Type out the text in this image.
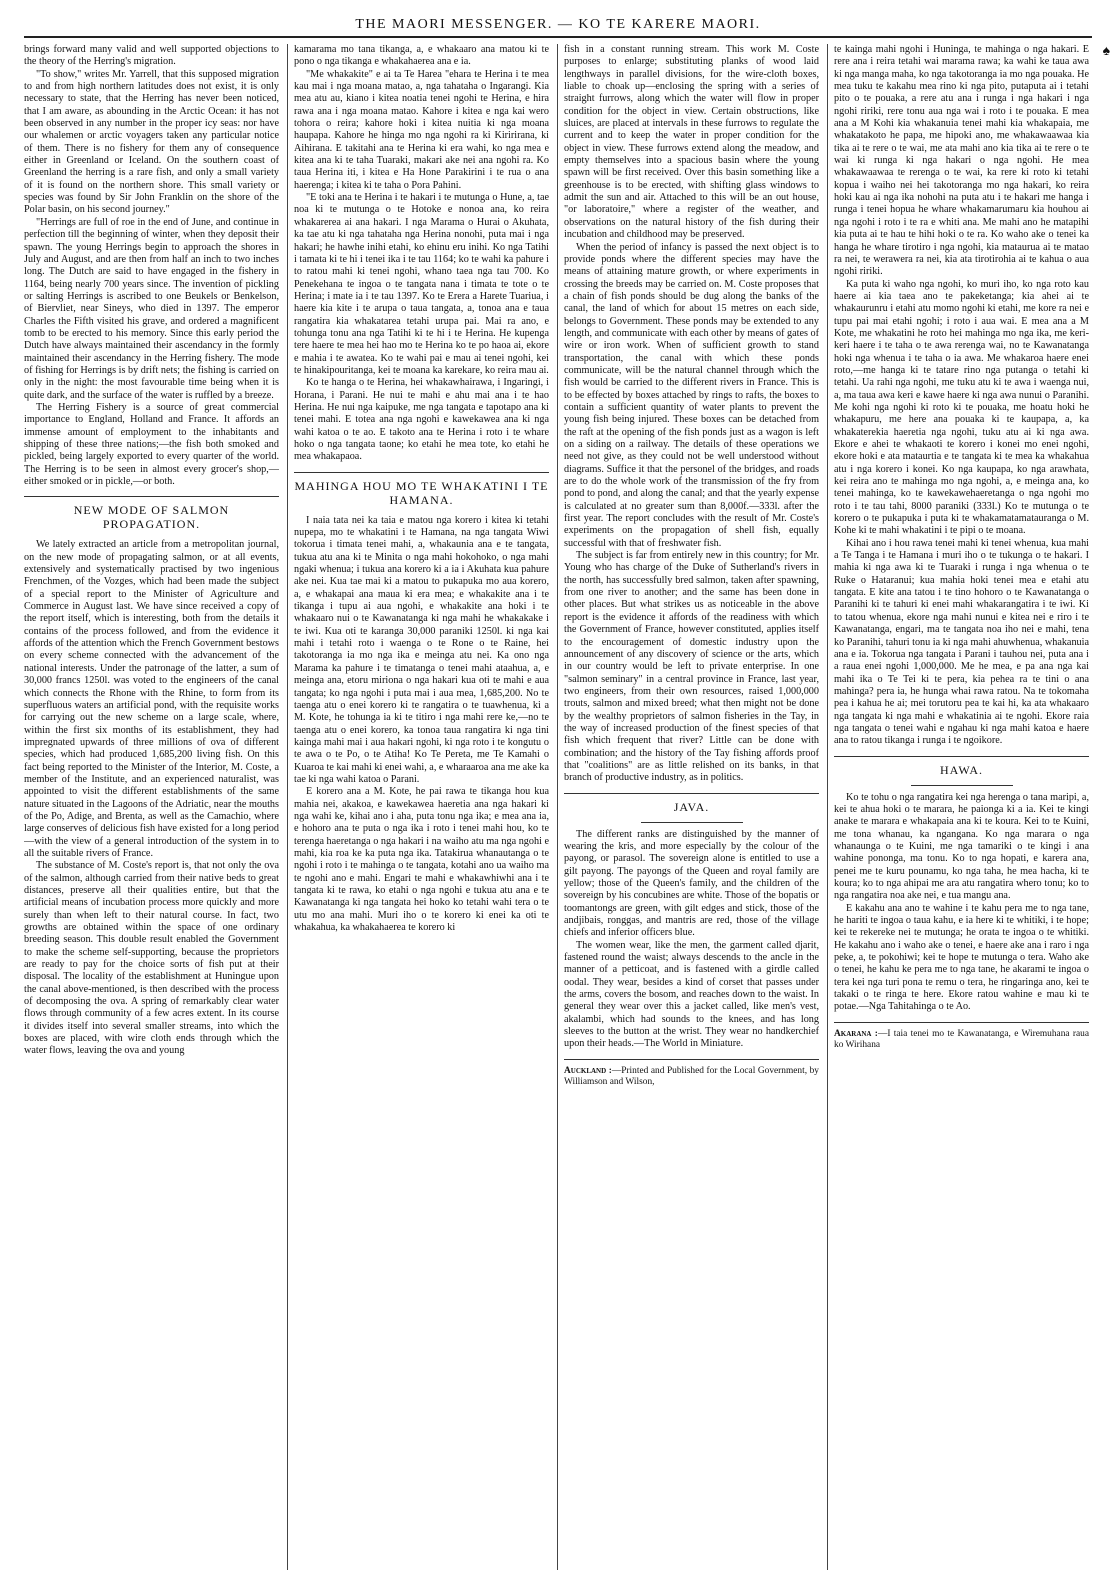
THE MAORI MESSENGER. — KO TE KARERE MAORI.
♠

brings forward many valid and well supported objections to the theory of the Herring's migration.

"To show," writes Mr. Yarrell, that this supposed migration to and from high northern latitudes does not exist, it is only necessary to state, that the Herring has never been noticed, that I am aware, as abounding in the Arctic Ocean: it has not been observed in any number in the proper icy seas: nor have our whalemen or arctic voyagers taken any particular notice of them. There is no fishery for them any of consequence either in Greenland or Iceland. On the southern coast of Greenland the herring is a rare fish, and only a small variety of it is found on the northern shore. This small variety or species was found by Sir John Franklin on the shore of the Polar basin, on his second journey."

"Herrings are full of roe in the end of June, and continue in perfection till the beginning of winter, when they deposit their spawn. The young Herrings begin to approach the shores in July and August, and are then from half an inch to two inches long. The Dutch are said to have engaged in the fishery in 1164, being nearly 700 years since. The invention of pickling or salting Herrings is ascribed to one Beukels or Benkelson, of Biervliet, near Sineys, who died in 1397. The emperor Charles the Fifth visited his grave, and ordered a magnificent tomb to be erected to his memory. Since this early period the Dutch have always maintained their ascendancy in the formly maintained their ascendancy in the Herring fishery. The mode of fishing for Herrings is by drift nets; the fishing is carried on only in the night: the most favourable time being when it is quite dark, and the surface of the water is ruffled by a breeze.

The Herring Fishery is a source of great commercial importance to England, Holland and France. It affords an immense amount of employment to the inhabitants and shipping of these three nations;—the fish both smoked and pickled, being largely exported to every quarter of the world. The Herring is to be seen in almost every grocer's shop,—either smoked or in pickle,—or both.

NEW MODE OF SALMON PROPAGATION.

We lately extracted an article from a metropolitan journal, on the new mode of propagating salmon, or at all events, extensively and systematically practised by two ingenious Frenchmen, of the Vozges, which had been made the subject of a special report to the Minister of Agriculture and Commerce in August last. We have since received a copy of the report itself, which is interesting, both from the details it contains of the process followed, and from the evidence it affords of the attention which the French Government bestows on every scheme connected with the advancement of the national interests. Under the patronage of the latter, a sum of 30,000 francs 1250l. was voted to the engineers of the canal which connects the Rhone with the Rhine, to form from its superfluous waters an artificial pond, with the requisite works for carrying out the new scheme on a large scale, where, within the first six months of its establishment, they had impregnated upwards of three millions of ova of different species, which had produced 1,685,200 living fish. On this fact being reported to the Minister of the Interior, M. Coste, a member of the Institute, and an experienced naturalist, was appointed to visit the different establishments of the same nature situated in the Lagoons of the Adriatic, near the mouths of the Po, Adige, and Brenta, as well as the Camachio, where large conserves of delicious fish have existed for a long period—with the view of a general introduction of the system in to all the suitable rivers of France.

The substance of M. Coste's report is, that not only the ova of the salmon, although carried from their native beds to great distances, preserve all their qualities entire, but that the artificial means of incubation process more quickly and more surely than when left to their natural course. In fact, two growths are obtained within the space of one ordinary breeding season. This double result enabled the Government to make the scheme self-supporting, because the proprietors are ready to pay for the choice sorts of fish put at their disposal. The locality of the establishment at Huningue upon the canal above-mentioned, is then described with the process of decomposing the ova. A spring of remarkably clear water flows through community of a few acres extent. In its course it divides itself into several smaller streams, into which the boxes are placed, with wire cloth ends through which the water flows, leaving the ova and young

kamarama mo tana tikanga, a, e whakaaro ana matou ki te pono o nga tikanga e whakahaerea ana e ia.

"Me whakakite" e ai ta Te Harea "ehara te Herina i te mea kau mai i nga moana matao, a, nga tahataha o Ingarangi. Kia mea atu au, kiano i kitea noatia tenei ngohi te Herina, e hira rawa ana i nga moana matao. Kahore i kitea e nga kai wero tohora o reira; kahore hoki i kitea nuitia ki nga moana haupapa. Kahore he hinga mo nga ngohi ra ki Kiririrana, ki Aihirana. E takitahi ana te Herina ki era wahi, ko nga mea e kitea ana ki te taha Tuaraki, makari ake nei ana ngohi ra. Ko taua Herina iti, i kitea e Ha Hone Parakirini i te rua o ana haerenga; i kitea ki te taha o Pora Pahini.

"E toki ana te Herina i te hakari i te mutunga o Hune, a, tae noa ki te mutunga o te Hotoke e nonoa ana, ko reira whakarerea ai ana hakari. I nga Marama o Hurai o Akuhata, ka tae atu ki nga tahataha nga Herina nonohi, puta mai i nga hakari; he hawhe inihi etahi, ko ehinu eru inihi. Ko nga Tatihi i tamata ki te hi i tenei ika i te tau 1164; ko te wahi ka pahure i to ratou mahi ki tenei ngohi, whano taea nga tau 700. Ko Penekehana te ingoa o te tangata nana i timata te tote o te Herina; i mate ia i te tau 1397. Ko te Erera a Harete Tuariua, i haere kia kite i te arupa o taua tangata, a, tonoa ana e taua rangatira kia whakatarea tetahi urupa pai. Mai ra ano, e tohunga tonu ana nga Tatihi ki te hi i te Herina. He kupenga tere haere te mea hei hao mo te Herina ko te po haoa ai, ekore e mahia i te awatea. Ko te wahi pai e mau ai tenei ngohi, kei te hinakipouritanga, kei te moana ka karekare, ko reira mau ai.

Ko te hanga o te Herina, hei whakawhairawa, i Ingaringi, i Horana, i Parani. He nui te mahi e ahu mai ana i te hao Herina. He nui nga kaipuke, me nga tangata e tapotapo ana ki tenei mahi. E totea ana nga ngohi e kawekawea ana ki nga wahi katoa o te ao. E takoto ana te Herina i roto i te whare hoko o nga tangata taone; ko etahi he mea tote, ko etahi he mea whakapaoa.

MAHINGA HOU MO TE WHAKATINI I TE HAMANA.

I naia tata nei ka taia e matou nga korero i kitea ki tetahi nupepa, mo te whakatini i te Hamana, na nga tangata Wiwi tokorua i timata tenei mahi, a, whakaunia ana e te tangata, tukua atu ana ki te Minita o nga mahi hokohoko, o nga mahi ngaki whenua; i tukua ana korero ki a ia i Akuhata kua pahure ake nei. Kua tae mai ki a matou to pukapuka mo aua korero, a, e whakapai ana maua ki era mea; e whakakite ana i te tikanga i tupu ai aua ngohi, e whakakite ana hoki i te whakaaro nui o te Kawanatanga ki nga mahi he whakakake i te iwi. Kua oti te karanga 30,000 paraniki 1250l. ki nga kai mahi i tetahi roto i waenga o te Rone o te Raine, hei takotoranga ia mo nga ika e meinga atu nei. Ka ono nga Marama ka pahure i te timatanga o tenei mahi ataahua, a, e meinga ana, etoru miriona o nga hakari kua oti te mahi e aua tangata; ko nga ngohi i puta mai i aua mea, 1,685,200. No te taenga atu o enei korero ki te rangatira o te tuawhenua, ki a M. Kote, he tohunga ia ki te titiro i nga mahi rere ke,—no te taenga atu o enei korero, ka tonoa taua rangatira ki nga tini kainga mahi mai i aua hakari ngohi, ki nga roto i te kongutu o te awa o te Po, o te Atiha! Ko Te Pereta, me Te Kamahi o Kuaroa te kai mahi ki enei wahi, a, e wharaaroa ana me ake ka tae ki nga wahi katoa o Parani.

E korero ana a M. Kote, he pai rawa te tikanga hou kua mahia nei, akakoa, e kawekawea haeretia ana nga hakari ki nga wahi ke, kihai ano i aha, puta tonu nga ika; e mea ana ia, e hohoro ana te puta o nga ika i roto i tenei mahi hou, ko te terenga haeretanga o nga hakari i na waiho atu ma nga ngohi e mahi, kia roa ke ka puta nga ika. Tatakirua whanautanga o te ngohi i roto i te mahinga o te tangata, kotahi ano ua waiho ma te ngohi ano e mahi. Engari te mahi e whakawhiwhi ana i te tangata ki te rawa, ko etahi o nga ngohi e tukua atu ana e te Kawanatanga ki nga tangata hei hoko ko tetahi wahi tera o te utu mo ana mahi. Muri iho o te korero ki enei ka oti te whakahua, ka whakahaerea te korero ki

fish in a constant running stream. This work M. Coste purposes to enlarge; substituting planks of wood laid lengthways in parallel divisions, for the wire-cloth boxes, liable to choak up—enclosing the spring with a series of straight furrows, along which the water will flow in proper condition for the object in view. Certain obstructions, like sluices, are placed at intervals in these furrows to regulate the current and to keep the water in proper condition for the object in view. These furrows extend along the meadow, and empty themselves into a spacious basin where the young spawn will be first received. Over this basin something like a greenhouse is to be erected, with shifting glass windows to admit the sun and air. Attached to this will be an out house, "or laboratoire," where a register of the weather, and observations on the natural history of the fish during their incubation and childhood may be preserved.

When the period of infancy is passed the next object is to provide ponds where the different species may have the means of attaining mature growth, or where experiments in crossing the breeds may be carried on. M. Coste proposes that a chain of fish ponds should be dug along the banks of the canal, the land of which for about 15 metres on each side, belongs to Government. These ponds may be extended to any length, and communicate with each other by means of gates of wire or iron work. When of sufficient growth to stand transportation, the canal with which these ponds communicate, will be the natural channel through which the fish would be carried to the different rivers in France. This is to be effected by boxes attached by rings to rafts, the boxes to contain a sufficient quantity of water plants to prevent the young fish being injured. These boxes can be detached from the raft at the opening of the fish ponds just as a wagon is left on a siding on a railway. The details of these operations we need not give, as they could not be well understood without diagrams. Suffice it that the personel of the bridges, and roads are to do the whole work of the transmission of the fry from pond to pond, and along the canal; and that the yearly expense is calculated at no greater sum than 8,000f.—333l. after the first year. The report concludes with the result of Mr. Coste's experiments on the propagation of shell fish, equally successful with that of freshwater fish.

The subject is far from entirely new in this country; for Mr. Young who has charge of the Duke of Sutherland's rivers in the north, has successfully bred salmon, taken after spawning, from one river to another; and the same has been done in other places. But what strikes us as noticeable in the above report is the evidence it affords of the readiness with which the Government of France, however constituted, applies itself to the encouragement of domestic industry upon the announcement of any discovery of science or the arts, which in our country would be left to private enterprise. In one "salmon seminary" in a central province in France, last year, two engineers, from their own resources, raised 1,000,000 trouts, salmon and mixed breed; what then might not be done by the wealthy proprietors of salmon fisheries in the Tay, in the way of increased production of the finest species of that fish which frequent that river? Little can be done with combination; and the history of the Tay fishing affords proof that "coalitions" are as little relished on its banks, in that branch of productive industry, as in politics.

JAVA.

The different ranks are distinguished by the manner of wearing the kris, and more especially by the colour of the payong, or parasol. The sovereign alone is entitled to use a gilt payong. The payongs of the Queen and royal family are yellow; those of the Queen's family, and the children of the sovereign by his concubines are white. Those of the bopatis or toomantongs are green, with gilt edges and stick, those of the andjibais, ronggas, and mantris are red, those of the village chiefs and inferior officers blue.

The women wear, like the men, the garment called djarit, fastened round the waist; always descends to the ancle in the manner of a petticoat, and is fastened with a girdle called oodal. They wear, besides a kind of corset that passes under the arms, covers the bosom, and reaches down to the waist. In general they wear over this a jacket called, like men's vest, akalambi, which had sounds to the knees, and has long sleeves to the button at the wrist. They wear no handkerchief upon their heads.—The World in Miniature.

Auckland :—Printed and Published for the Local Government, by Williamson and Wilson,

te kainga mahi ngohi i Huninga, te mahinga o nga hakari. E rere ana i reira tetahi wai marama rawa; ka wahi ke taua awa ki nga manga maha, ko nga takotoranga ia mo nga pouaka. He mea tuku te kakahu mea rino ki nga pito, putaputa ai i tetahi pito o te pouaka, a rere atu ana i runga i nga hakari i nga ngohi ririki, rere tonu aua nga wai i roto i te pouaka. E mea ana a M Kohi kia whakanuia tenei mahi kia whakapaia, me whakatakoto he papa, me hipoki ano, me whakawaawaa kia tika ai te rere o te wai, me ata mahi ano kia tika ai te rere o te wai ki runga ki nga hakari o nga ngohi. He mea whakawaawaa te rerenga o te wai, ka rere ki roto ki tetahi kopua i waiho nei hei takotoranga mo nga hakari, ko reira hoki kau ai nga ika nohohi na puta atu i te hakari me hanga i runga i tenei hopua he whare whakamarumaru kia houhou ai nga ngohi i roto i te ra e whiti ana. Me mahi ano he matapihi kia puta ai te hau te hihi hoki o te ra. Ko waho ake o tenei ka hanga he whare tirotiro i nga ngohi, kia mataurua ai te matao ra nei, te werawera ra nei, kia ata tirotirohia ai te kahua o aua ngohi ririki.

Ka puta ki waho nga ngohi, ko muri iho, ko nga roto kau haere ai kia taea ano te pakeketanga; kia ahei ai te whakaurunru i etahi atu momo ngohi ki etahi, me kore ra nei e tupu pai mai etahi ngohi; i roto i aua wai. E mea ana a M Kote, me whakatini he roto hei mahinga mo nga ika, me keri-keri haere i te taha o te awa rerenga wai, no te Kawanatanga hoki nga whenua i te taha o ia awa. Me whakaroa haere enei roto,—me hanga ki te tatare rino nga putanga o tetahi ki tetahi. Ua rahi nga ngohi, me tuku atu ki te awa i waenga nui, a, ma taua awa keri e kawe haere ki nga awa nunui o Paranihi. Me kohi nga ngohi ki roto ki te pouaka, me hoatu hoki he whakapuru, me here ana pouaka ki te kaupapa, a, ka whakaterekia haeretia nga ngohi, tuku atu ai ki nga awa. Ekore e ahei te whakaoti te korero i konei mo enei ngohi, ekore hoki e ata mataurtia e te tangata ki te mea ka whakahua atu i nga korero i konei. Ko nga kaupapa, ko nga arawhata, kei reira ano te mahinga mo nga ngohi, a, e meinga ana, ko tenei mahinga, ko te kawekawehaeretanga o nga ngohi mo roto i te tau tahi, 8000 paraniki (333l.) Ko te mutunga o te korero o te pukapuka i puta ki te whakamatamatauranga o M. Kohe ki te mahi whakatini i te pipi o te moana.

Kihai ano i hou rawa tenei mahi ki tenei whenua, kua mahi a Te Tanga i te Hamana i muri iho o te tukunga o te hakari. I mahia ki nga awa ki te Tuaraki i runga i nga whenua o te Ruke o Hataranui; kua mahia hoki tenei mea e etahi atu tangata. E kite ana tatou i te tino hohoro o te Kawanatanga o Paranihi ki te tahuri ki enei mahi whakarangatira i te iwi. Ki to tatou whenua, ekore nga mahi nunui e kitea nei e riro i te Kawanatanga, engari, ma te tangata noa iho nei e mahi, tena ko Paranihi, tahuri tonu ia ki nga mahi ahuwhenua, whakanuia ana e ia. Tokorua nga tangata i Parani i tauhou nei, puta ana i a raua enei ngohi 1,000,000. Me he mea, e pa ana nga kai mahi ika o Te Tei ki te pera, kia pehea ra te tini o ana mahinga? pera ia, he hunga whai rawa ratou. Na te tokomaha pea i kahua he ai; mei torutoru pea te kai hi, ka ata whakaaro nga tangata ki nga mahi e whakatinia ai te ngohi. Ekore raia nga tangata o tenei wahi e ngahau ki nga mahi katoa e haere ana to ratou tikanga i runga i te ngoikore.

HAWA.

Ko te tohu o nga rangatira kei nga herenga o tana maripi, a, kei te ahua hoki o te marara, he paionga ki a ia. Kei te kingi anake te marara e whakapaia ana ki te koura. Kei to te Kuini, me tona whanau, ka ngangana. Ko nga marara o nga whanaunga o te Kuini, me nga tamariki o te kingi i ana wahine pononga, ma tonu. Ko to nga hopati, e karera ana, penei me te kuru pounamu, ko nga taha, he mea hacha, ki te koura; ko to nga ahipai me ara atu rangatira whero tonu; ko to nga rangatira noa ake nei, e tua mangu ana.

E kakahu ana ano te wahine i te kahu pera me to nga tane, he hariti te ingoa o taua kahu, e ia here ki te whitiki, i te hope; kei te rekereke nei te mutunga; he orata te ingoa o te whitiki. He kakahu ano i waho ake o tenei, e haere ake ana i raro i nga peke, a, te pokohiwi; kei te hope te mutunga o tera. Waho ake o tenei, he kahu ke pera me to nga tane, he akarami te ingoa o tera kei nga turi pona te remu o tera, he ringaringa ano, kei te takaki o te ringa te here. Ekore ratou wahine e mau ki te potae.—Nga Tahitahinga o te Ao.

Akarana :—I taia tenei mo te Kawanatanga, e Wiremuhana raua ko Wirihana
